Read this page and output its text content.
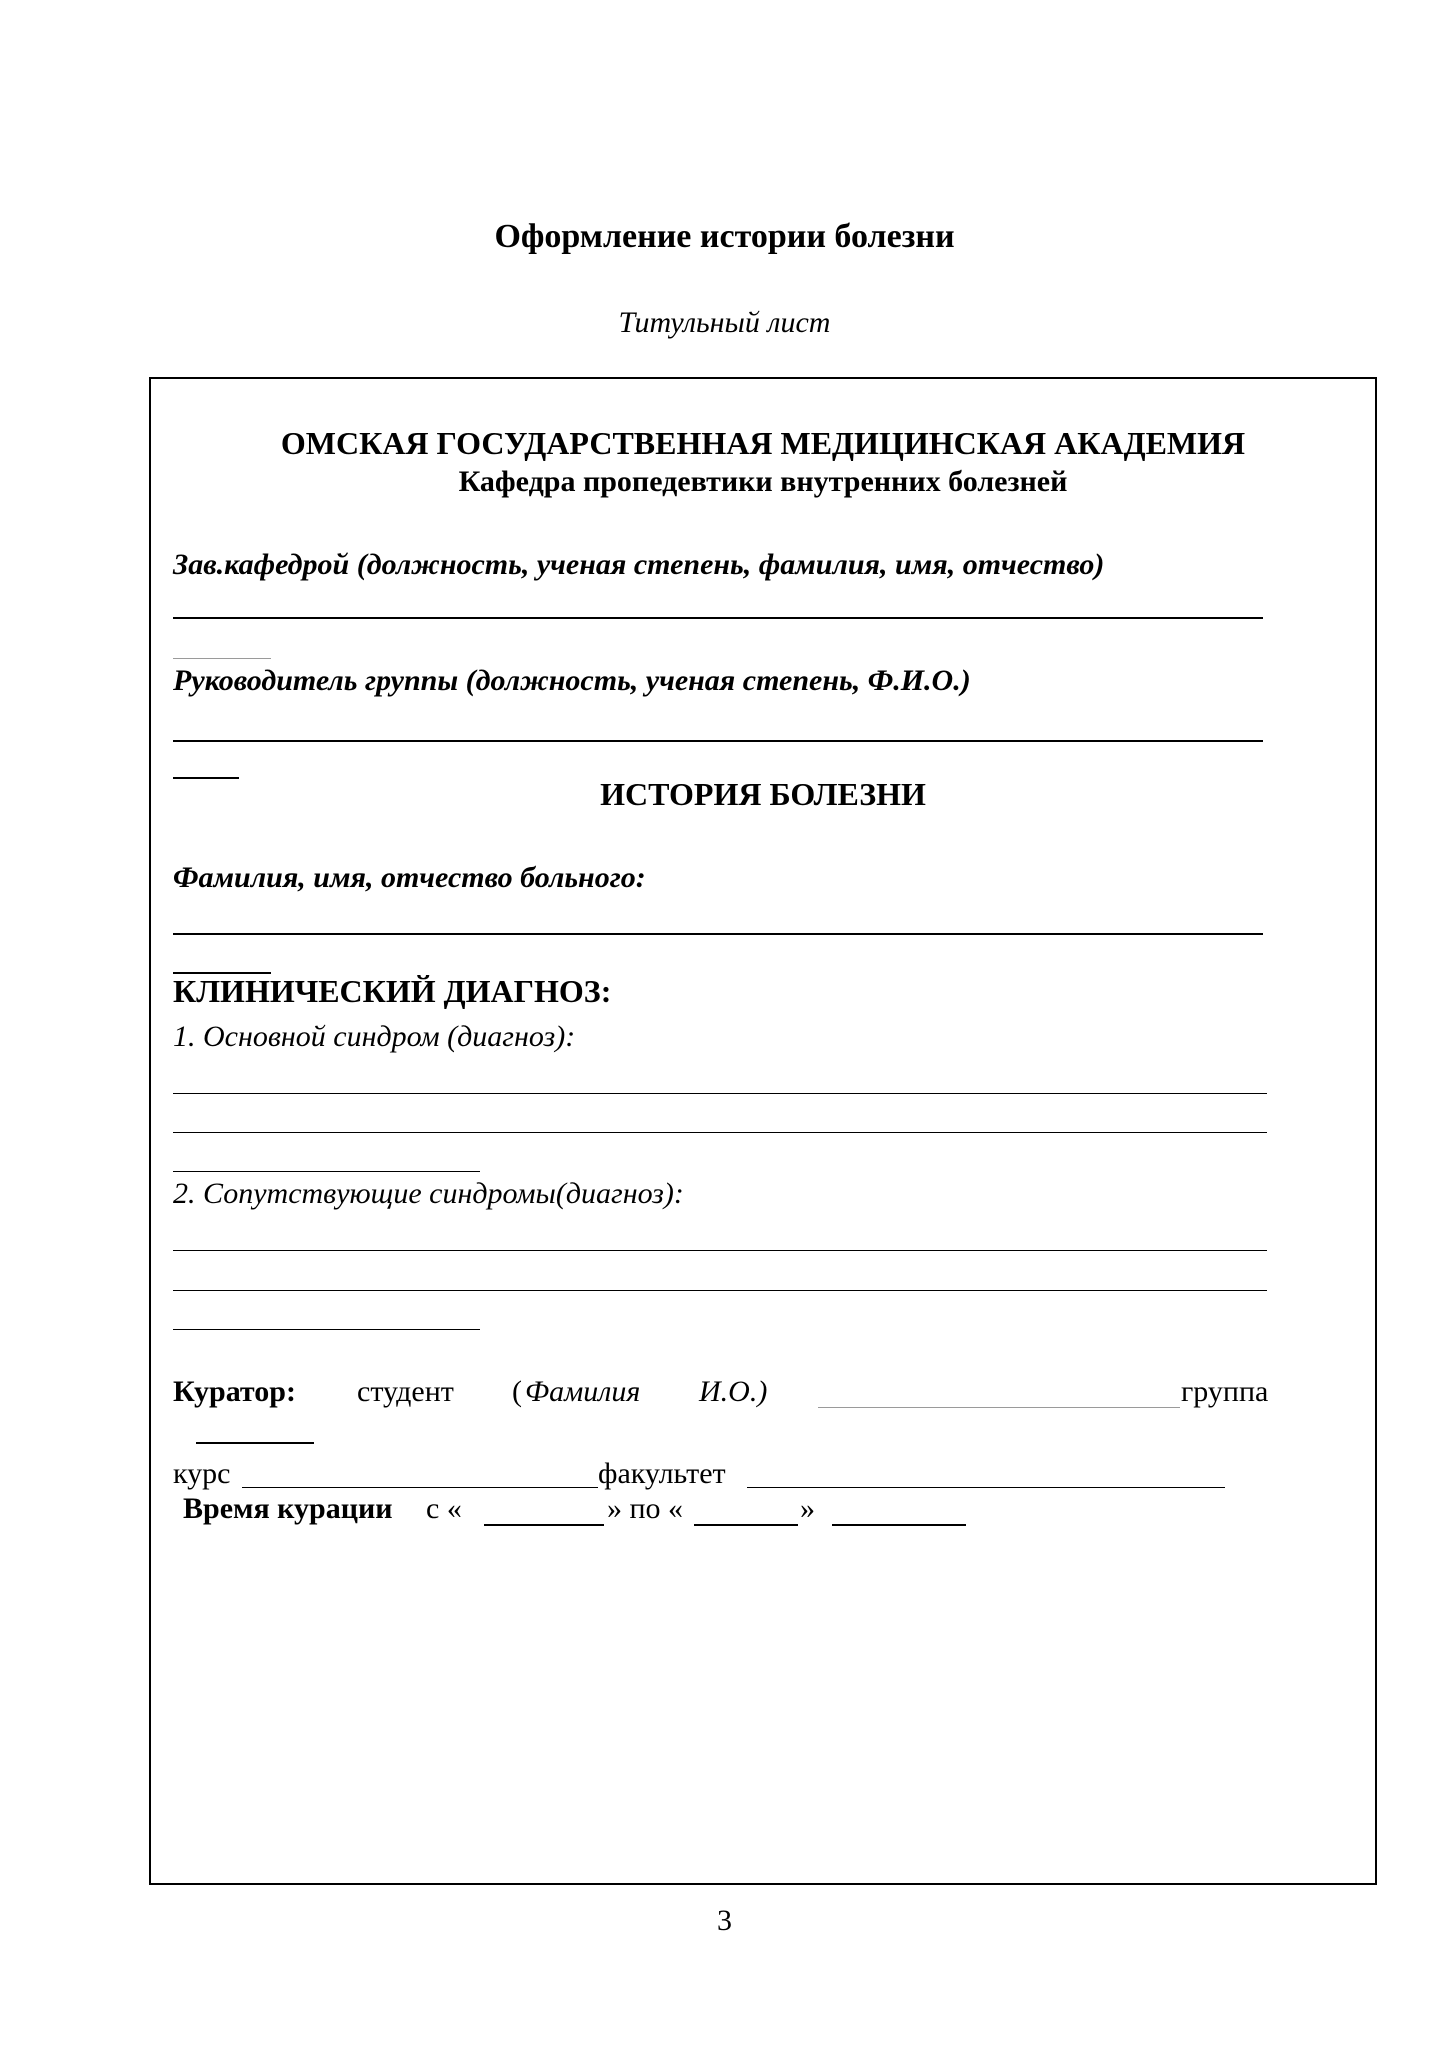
Оформление истории болезни
Титульный лист
ОМСКАЯ ГОСУДАРСТВЕННАЯ МЕДИЦИНСКАЯ АКАДЕМИЯ
Кафедра пропедевтики внутренних болезней
Зав.кафедрой (должность, ученая степень, фамилия, имя, отчество)
Руководитель группы (должность, ученая степень, Ф.И.О.)
ИСТОРИЯ БОЛЕЗНИ
Фамилия, имя, отчество больного:
КЛИНИЧЕСКИЙ ДИАГНОЗ:
1. Основной синдром (диагноз):
2. Сопутствующие синдромы(диагноз):
Куратор: студент ( Фамилия И.О.)	группа
курс	факультет
Время курации с «	» по «	»
3
